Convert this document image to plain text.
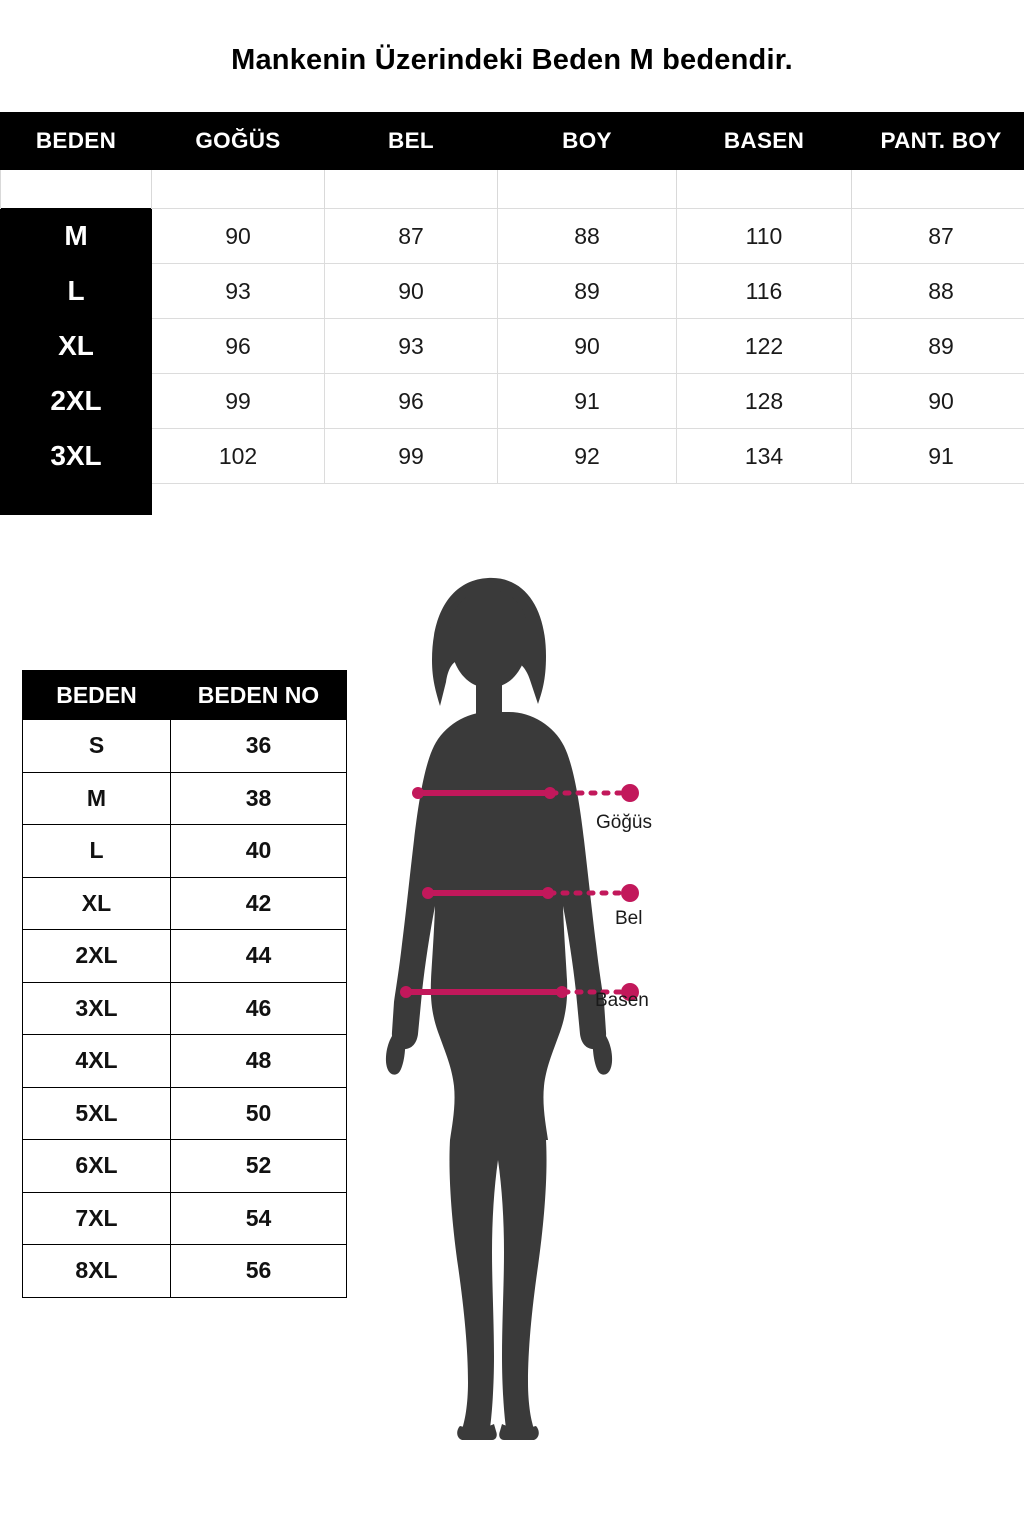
Mankenin Üzerindeki Beden M bedendir.

BEDEN	GOĞÜS	BEL	BOY	BASEN	PANT. BOY
M	90	87	88	110	87
L	93	90	89	116	88
XL	96	93	90	122	89
2XL	99	96	91	128	90
3XL	102	99	92	134	91

BEDEN	BEDEN NO
S	36
M	38
L	40
XL	42
2XL	44
3XL	46
4XL	48
5XL	50
6XL	52
7XL	54
8XL	56
Göğüs
Bel
Basen
